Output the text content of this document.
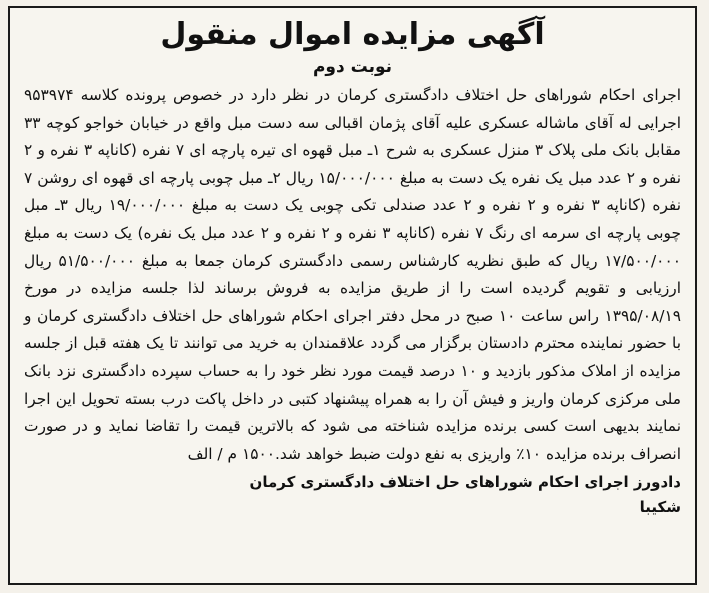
آگهی مزایده اموال منقول
نوبت دوم

اجرای احکام شوراهای حل اختلاف دادگستری کرمان در نظر دارد در خصوص پرونده کلاسه ۹۵۳۹۷۴ اجرایی له آقای ماشاله عسکری علیه آقای پژمان اقبالی سه دست مبل واقع در خیابان خواجو کوچه ۳۳ مقابل بانک ملی پلاک ۳ منزل عسکری به شرح ۱ـ مبل قهوه ای تیره پارچه ای ۷ نفره (کاناپه ۳ نفره و ۲ نفره و ۲ عدد مبل یک نفره یک دست به مبلغ ۱۵/۰۰۰/۰۰۰ ریال ۲ـ مبل چوبی پارچه ای قهوه ای روشن ۷ نفره (کاناپه ۳ نفره و ۲ نفره و ۲ عدد صندلی تکی چوبی یک دست به مبلغ ۱۹/۰۰۰/۰۰۰ ریال ۳ـ مبل چوبی پارچه ای سرمه ای رنگ ۷ نفره (کاناپه ۳ نفره و ۲ نفره و ۲ عدد مبل یک نفره) یک دست به مبلغ ۱۷/۵۰۰/۰۰۰ ریال که طبق نظریه کارشناس رسمی دادگستری کرمان جمعا به مبلغ ۵۱/۵۰۰/۰۰۰ ریال ارزیابی و تقویم گردیده است را از طریق مزایده به فروش برساند لذا جلسه مزایده در مورخ ۱۳۹۵/۰۸/۱۹ راس ساعت ۱۰ صبح در محل دفتر اجرای احکام شوراهای حل اختلاف دادگستری کرمان و با حضور نماینده محترم دادستان برگزار می گردد علاقمندان به خرید می توانند تا یک هفته قبل از جلسه مزایده از املاک مذکور بازدید و ۱۰ درصد قیمت مورد نظر خود را به حساب سپرده دادگستری نزد بانک ملی مرکزی کرمان واریز و فیش آن را به همراه پیشنهاد کتبی در داخل پاکت درب بسته تحویل این اجرا نمایند بدیهی است کسی برنده مزایده شناخته می شود که بالاترین قیمت را تقاضا نماید و در صورت انصراف برنده مزایده ۱۰٪ واریزی به نفع دولت ضبط خواهد شد.۱۵۰۰ م / الف

دادورز اجرای احکام شوراهای حل اختلاف دادگستری کرمان
شکیبا
